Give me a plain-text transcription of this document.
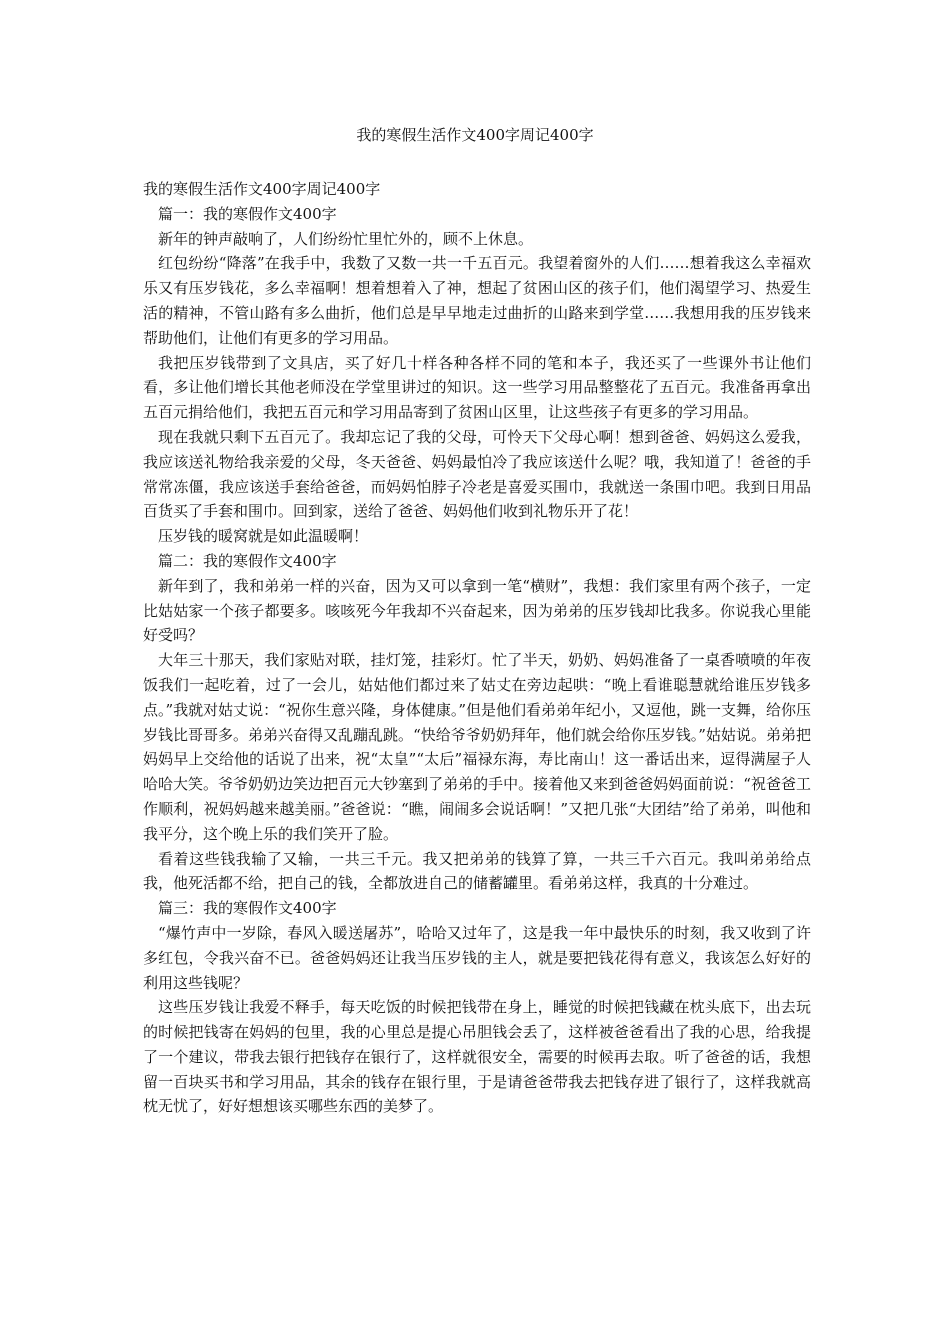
我的寒假生活作文400字周记400字

我的寒假生活作文400字周记400字

篇一：我的寒假作文400字

新年的钟声敲响了，人们纷纷忙里忙外的，顾不上休息。

红包纷纷“降落”在我手中，我数了又数一共一千五百元。我望着窗外的人们……想着我这么幸福欢乐又有压岁钱花，多么幸福啊！想着想着入了神，想起了贫困山区的孩子们，他们渴望学习、热爱生活的精神，不管山路有多么曲折，他们总是早早地走过曲折的山路来到学堂……我想用我的压岁钱来帮助他们，让他们有更多的学习用品。

我把压岁钱带到了文具店，买了好几十样各种各样不同的笔和本子，我还买了一些课外书让他们看，多让他们增长其他老师没在学堂里讲过的知识。这一些学习用品整整花了五百元。我准备再拿出五百元捐给他们，我把五百元和学习用品寄到了贫困山区里，让这些孩子有更多的学习用品。

现在我就只剩下五百元了。我却忘记了我的父母，可怜天下父母心啊！想到爸爸、妈妈这么爱我，我应该送礼物给我亲爱的父母，冬天爸爸、妈妈最怕冷了我应该送什么呢？哦，我知道了！爸爸的手常常冻僵，我应该送手套给爸爸，而妈妈怕脖子冷老是喜爱买围巾，我就送一条围巾吧。我到日用品百货买了手套和围巾。回到家，送给了爸爸、妈妈他们收到礼物乐开了花！

压岁钱的暖窝就是如此温暖啊！

篇二：我的寒假作文400字

新年到了，我和弟弟一样的兴奋，因为又可以拿到一笔“横财”，我想：我们家里有两个孩子，一定比姑姑家一个孩子都要多。咳咳死今年我却不兴奋起来，因为弟弟的压岁钱却比我多。你说我心里能好受吗？

大年三十那天，我们家贴对联，挂灯笼，挂彩灯。忙了半天，奶奶、妈妈准备了一桌香喷喷的年夜饭我们一起吃着，过了一会儿，姑姑他们都过来了姑丈在旁边起哄：“晚上看谁聪慧就给谁压岁钱多点。”我就对姑丈说：“祝你生意兴隆，身体健康。”但是他们看弟弟年纪小，又逗他，跳一支舞，给你压岁钱比哥哥多。弟弟兴奋得又乱蹦乱跳。“快给爷爷奶奶拜年，他们就会给你压岁钱。”姑姑说。弟弟把妈妈早上交给他的话说了出来，祝“太皇”“太后”福禄东海，寿比南山！这一番话出来，逗得满屋子人哈哈大笑。爷爷奶奶边笑边把百元大钞塞到了弟弟的手中。接着他又来到爸爸妈妈面前说：“祝爸爸工作顺利，祝妈妈越来越美丽。”爸爸说：“瞧，闹闹多会说话啊！”又把几张“大团结”给了弟弟，叫他和我平分，这个晚上乐的我们笑开了脸。

看着这些钱我输了又输，一共三千元。我又把弟弟的钱算了算，一共三千六百元。我叫弟弟给点我，他死活都不给，把自己的钱，全都放进自己的储蓄罐里。看弟弟这样，我真的十分难过。

篇三：我的寒假作文400字

“爆竹声中一岁除，春风入暖送屠苏”，哈哈又过年了，这是我一年中最快乐的时刻，我又收到了许多红包，令我兴奋不已。爸爸妈妈还让我当压岁钱的主人，就是要把钱花得有意义，我该怎么好好的利用这些钱呢？

这些压岁钱让我爱不释手，每天吃饭的时候把钱带在身上，睡觉的时候把钱藏在枕头底下，出去玩的时候把钱寄在妈妈的包里，我的心里总是提心吊胆钱会丢了，这样被爸爸看出了我的心思，给我提了一个建议，带我去银行把钱存在银行了，这样就很安全，需要的时候再去取。听了爸爸的话，我想留一百块买书和学习用品，其余的钱存在银行里，于是请爸爸带我去把钱存进了银行了，这样我就高枕无忧了，好好想想该买哪些东西的美梦了。
